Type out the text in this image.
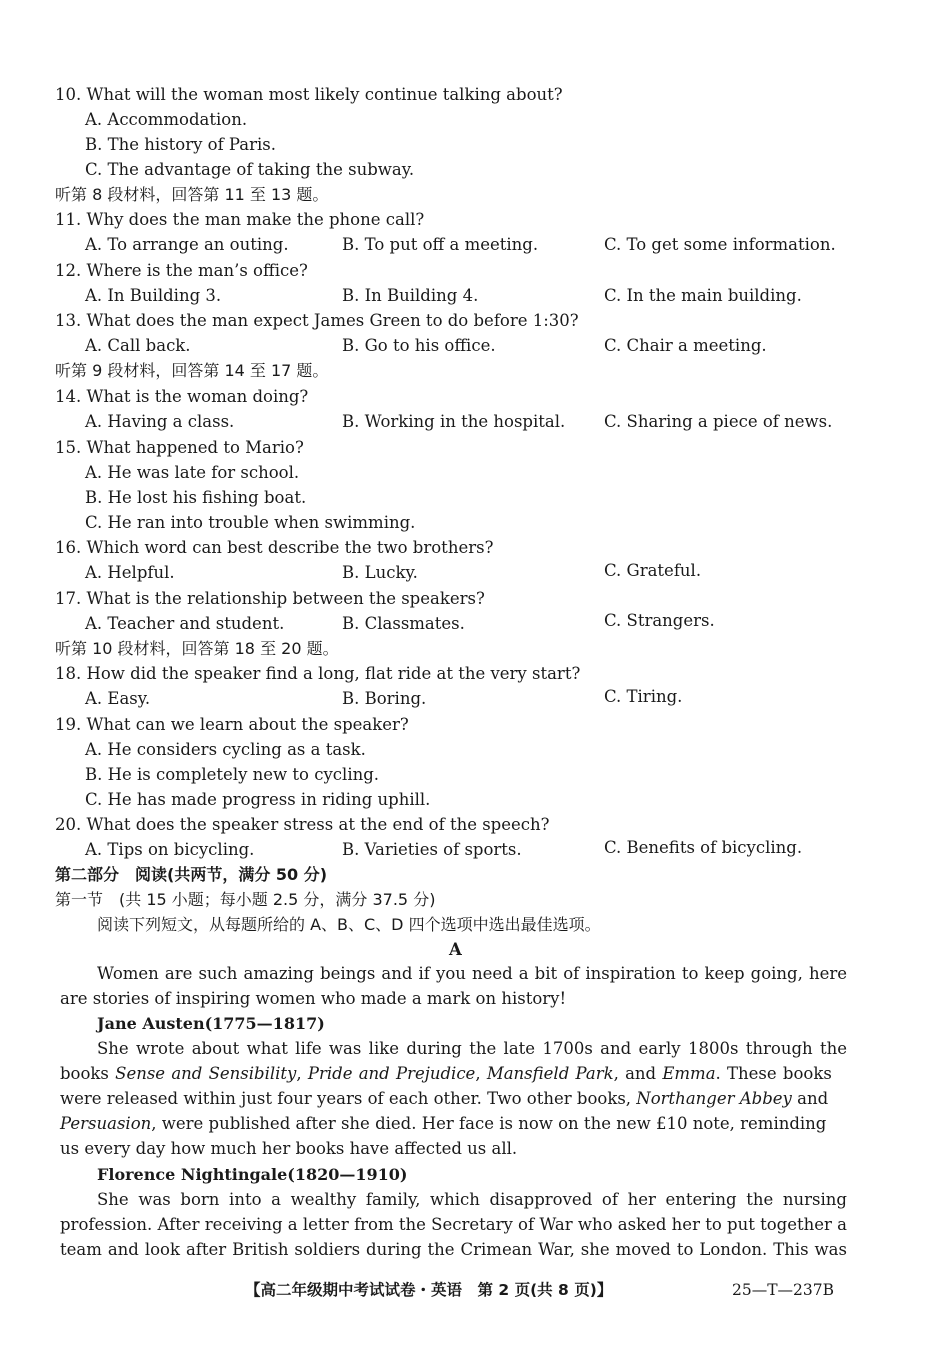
10. What will the woman most likely continue talking about?
A. Accommodation.
B. The history of Paris.
C. The advantage of taking the subway.
听第 8 段材料，回答第 11 至 13 题。
11. Why does the man make the phone call?
A. To arrange an outing.	B. To put off a meeting.	C. To get some information.
12. Where is the man’s office?
A. In Building 3.	B. In Building 4.	C. In the main building.
13. What does the man expect James Green to do before 1:30?
A. Call back.	B. Go to his office.	C. Chair a meeting.
听第 9 段材料，回答第 14 至 17 题。
14. What is the woman doing?
A. Having a class.	B. Working in the hospital. C. Sharing a piece of news.
15. What happened to Mario?
A. He was late for school.
B. He lost his fishing boat.
C. He ran into trouble when swimming.
16. Which word can best describe the two brothers?
A. Helpful.	B. Lucky.	C. Grateful.
17. What is the relationship between the speakers?
A. Teacher and student.	B. Classmates.	C. Strangers.
听第 10 段材料，回答第 18 至 20 题。
18. How did the speaker find a long, flat ride at the very start?
A. Easy.	B. Boring.	C. Tiring.
19. What can we learn about the speaker?
A. He considers cycling as a task.
B. He is completely new to cycling.
C. He has made progress in riding uphill.
20. What does the speaker stress at the end of the speech?
A. Tips on bicycling.	B. Varieties of sports.	C. Benefits of bicycling.
第二部分　阅读(共两节，满分 50 分)
第一节　(共 15 小题；每小题 2.5 分，满分 37.5 分)
阅读下列短文，从每题所给的 A、B、C、D 四个选项中选出最佳选项。
A
Women are such amazing beings and if you need a bit of inspiration to keep going, here
are stories of inspiring women who made a mark on history!
Jane Austen(1775—1817)
She wrote about what life was like during the late 1700s and early 1800s through the
books Sense and Sensibility, Pride and Prejudice, Mansfield Park, and Emma. These books
were released within just four years of each other. Two other books, Northanger Abbey and
Persuasion, were published after she died. Her face is now on the new £10 note, reminding
us every day how much her books have affected us all.
Florence Nightingale(1820—1910)
She was born into a wealthy family, which disapproved of her entering the nursing
profession. After receiving a letter from the Secretary of War who asked her to put together a
team and look after British soldiers during the Crimean War, she moved to London. This was
【高二年级期中考试试卷・英语　第 2 页(共 8 页)】	25—T—237B
